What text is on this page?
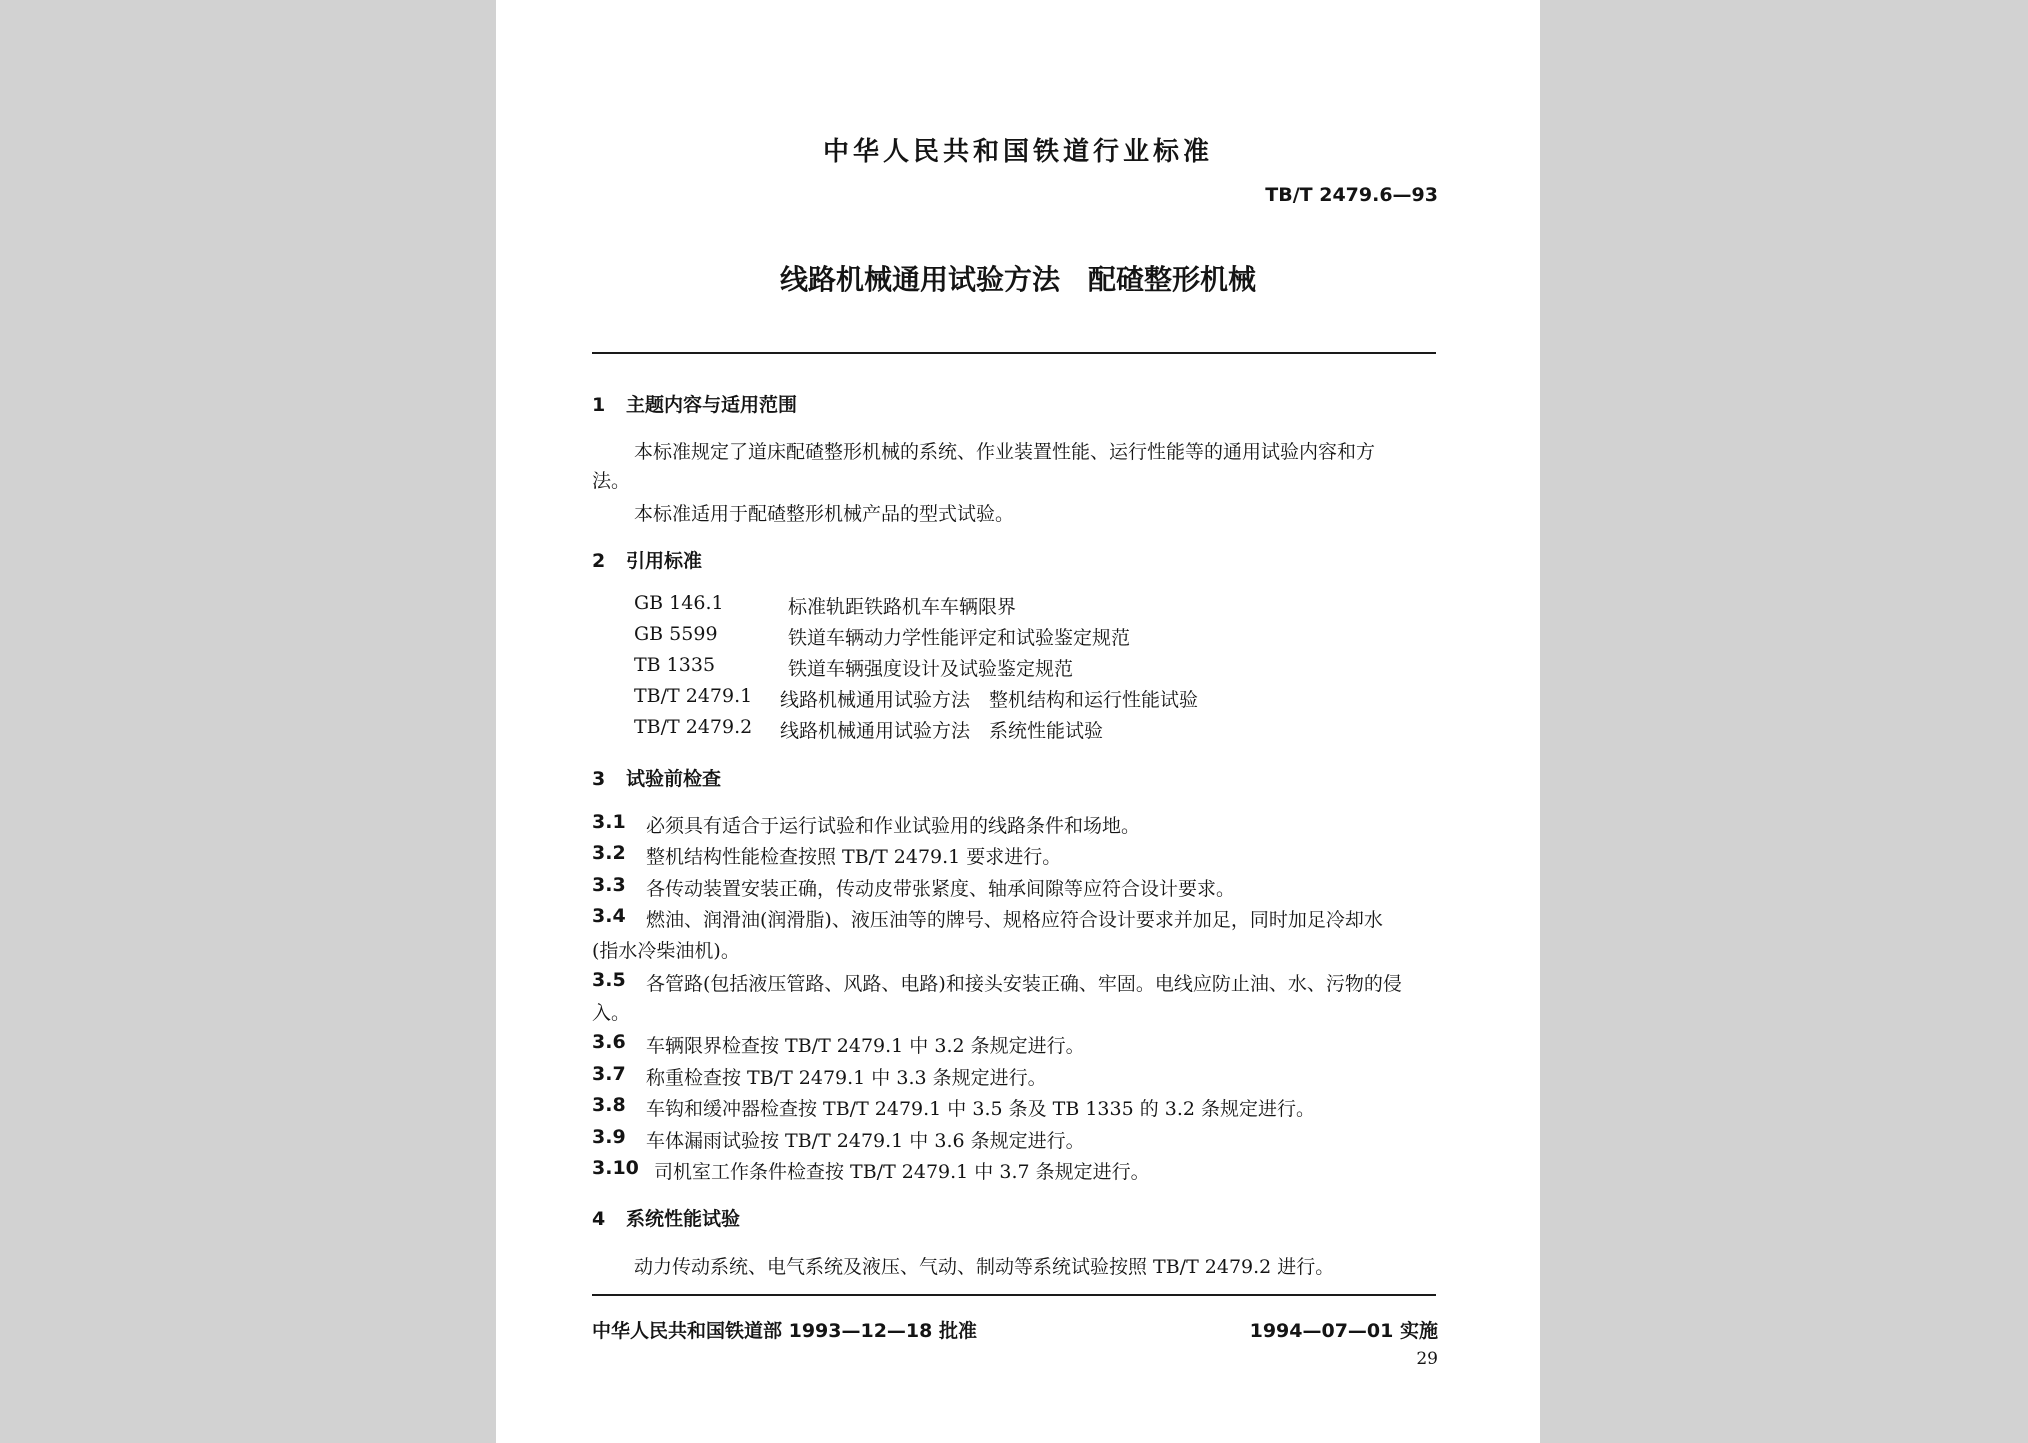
中华人民共和国铁道行业标准
TB/T 2479.6—93
线路机械通用试验方法　配碴整形机械
1 主题内容与适用范围
本标准规定了道床配碴整形机械的系统、作业装置性能、运行性能等的通用试验内容和方
法。
本标准适用于配碴整形机械产品的型式试验。
2 引用标准
GB 146.1	标准轨距铁路机车车辆限界
GB 5599	铁道车辆动力学性能评定和试验鉴定规范
TB 1335	铁道车辆强度设计及试验鉴定规范
TB/T 2479.1 线路机械通用试验方法　整机结构和运行性能试验
TB/T 2479.2 线路机械通用试验方法　系统性能试验
3 试验前检查
3.1 必须具有适合于运行试验和作业试验用的线路条件和场地。
3.2 整机结构性能检查按照 TB/T 2479.1 要求进行。
3.3 各传动装置安装正确，传动皮带张紧度、轴承间隙等应符合设计要求。
3.4 燃油、润滑油(润滑脂)、液压油等的牌号、规格应符合设计要求并加足，同时加足冷却水
(指水冷柴油机)。
3.5 各管路(包括液压管路、风路、电路)和接头安装正确、牢固。电线应防止油、水、污物的侵
入。
3.6 车辆限界检查按 TB/T 2479.1 中 3.2 条规定进行。
3.7 称重检查按 TB/T 2479.1 中 3.3 条规定进行。
3.8 车钩和缓冲器检查按 TB/T 2479.1 中 3.5 条及 TB 1335 的 3.2 条规定进行。
3.9 车体漏雨试验按 TB/T 2479.1 中 3.6 条规定进行。
3.10 司机室工作条件检查按 TB/T 2479.1 中 3.7 条规定进行。
4 系统性能试验
动力传动系统、电气系统及液压、气动、制动等系统试验按照 TB/T 2479.2 进行。
中华人民共和国铁道部 1993—12—18 批准	1994—07—01 实施
29
